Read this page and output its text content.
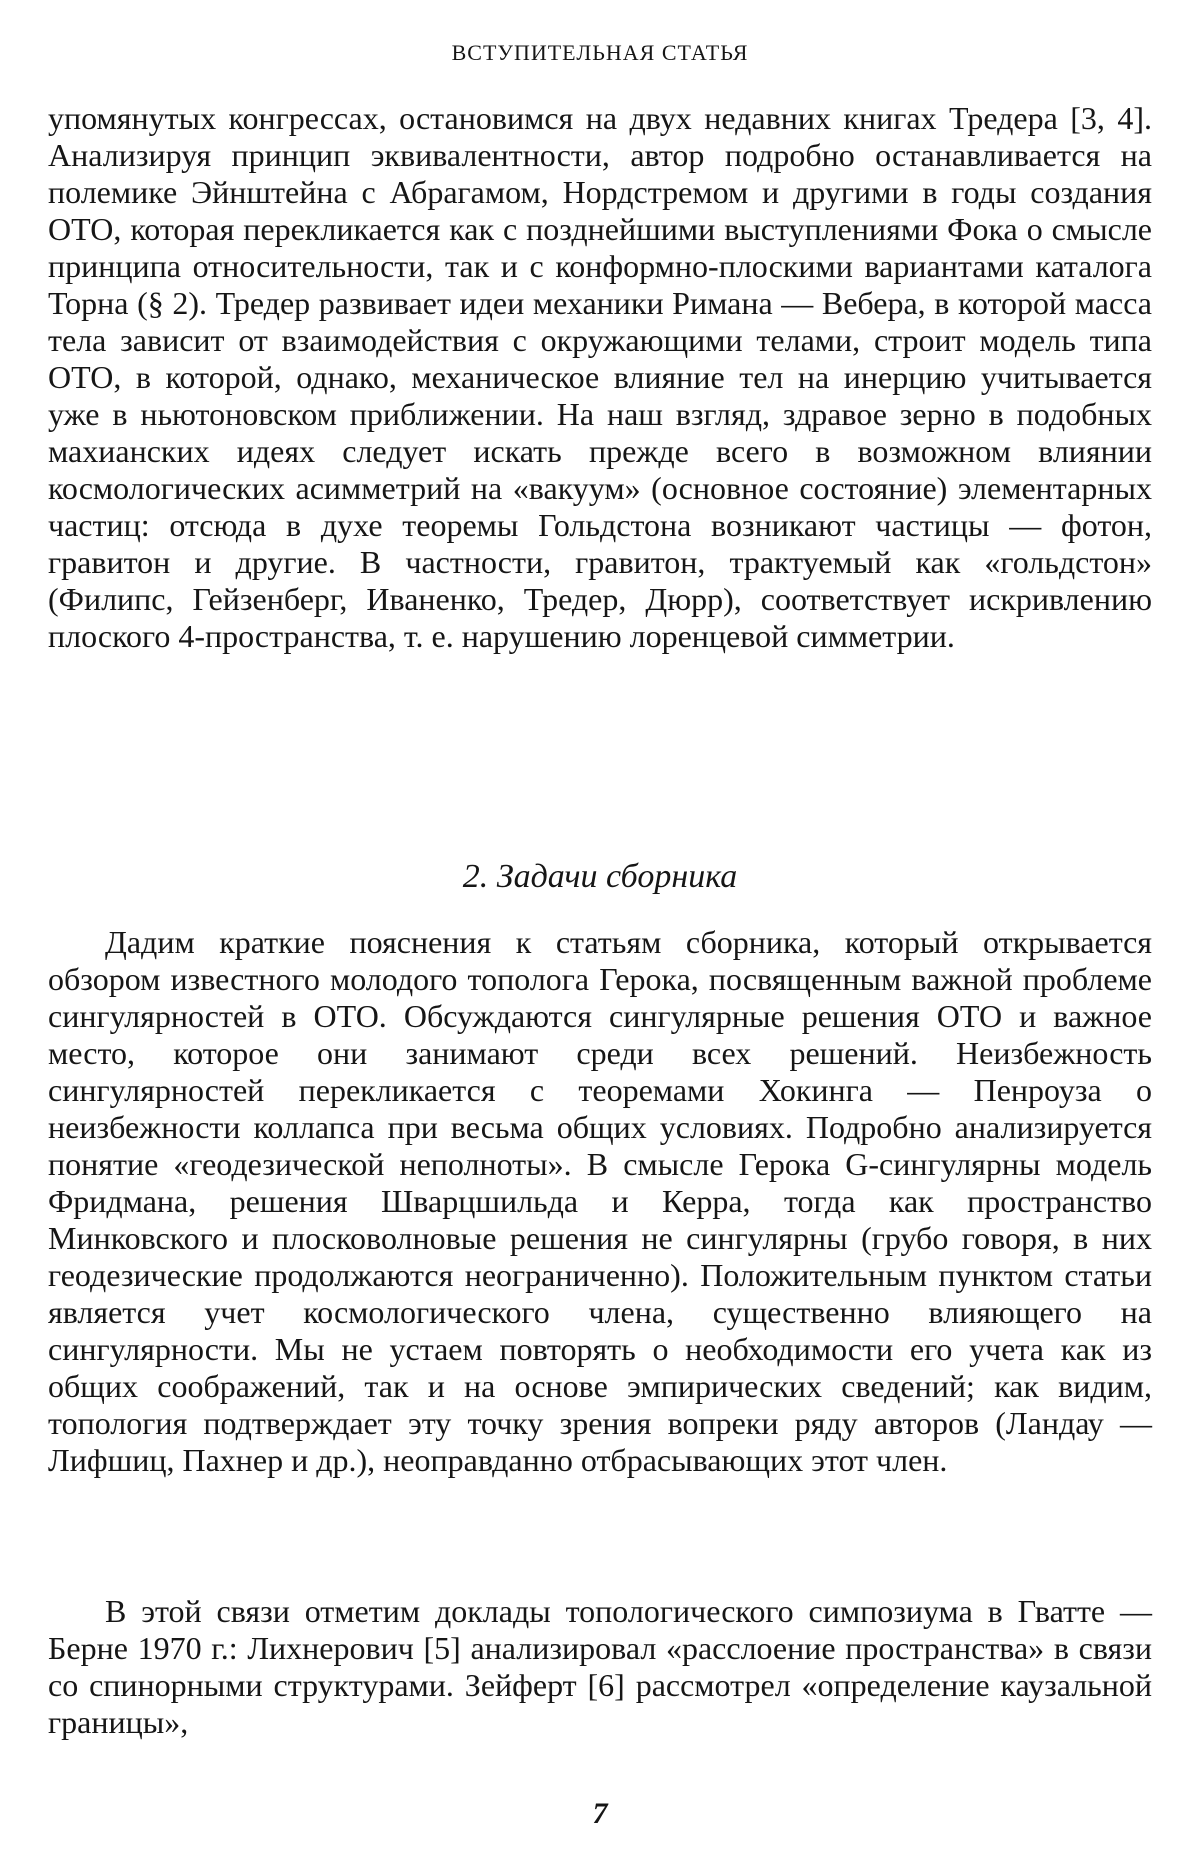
ВСТУПИТЕЛЬНАЯ СТАТЬЯ

упомянутых конгрессах, остановимся на двух недавних книгах Тредера [3, 4]. Анализируя принцип эквивалентности, автор подробно останавливается на полемике Эйнштейна с Абрагамом, Нордстремом и другими в годы создания ОТО, которая перекликается как с позднейшими выступлениями Фока о смысле принципа относительности, так и с конформно-плоскими вариантами каталога Торна (§ 2). Тредер развивает идеи механики Римана — Вебера, в которой масса тела зависит от взаимодействия с окружающими телами, строит модель типа ОТО, в которой, однако, механическое влияние тел на инерцию учитывается уже в ньютоновском приближении. На наш взгляд, здравое зерно в подобных махианских идеях следует искать прежде всего в возможном влиянии космологических асимметрий на «вакуум» (основное состояние) элементарных частиц: отсюда в духе теоремы Гольдстона возникают частицы — фотон, гравитон и другие. В частности, гравитон, трактуемый как «гольдстон» (Филипс, Гейзенберг, Иваненко, Тредер, Дюрр), соответствует искривлению плоского 4-пространства, т. е. нарушению лоренцевой симметрии.

2. Задачи сборника

Дадим краткие пояснения к статьям сборника, который открывается обзором известного молодого тополога Герока, посвященным важной проблеме сингулярностей в ОТО. Обсуждаются сингулярные решения ОТО и важное место, которое они занимают среди всех решений. Неизбежность сингулярностей перекликается с теоремами Хокинга — Пенроуза о неизбежности коллапса при весьма общих условиях. Подробно анализируется понятие «геодезической неполноты». В смысле Герока G-сингулярны модель Фридмана, решения Шварцшильда и Керра, тогда как пространство Минковского и плосковолновые решения не сингулярны (грубо говоря, в них геодезические продолжаются неограниченно). Положительным пунктом статьи является учет космологического члена, существенно влияющего на сингулярности. Мы не устаем повторять о необходимости его учета как из общих соображений, так и на основе эмпирических сведений; как видим, топология подтверждает эту точку зрения вопреки ряду авторов (Ландау — Лифшиц, Пахнер и др.), неоправданно отбрасывающих этот член.

В этой связи отметим доклады топологического симпозиума в Гватте — Берне 1970 г.: Лихнерович [5] анализировал «расслоение пространства» в связи со спинорными структурами. Зейферт [6] рассмотрел «определение каузальной границы»,

7
